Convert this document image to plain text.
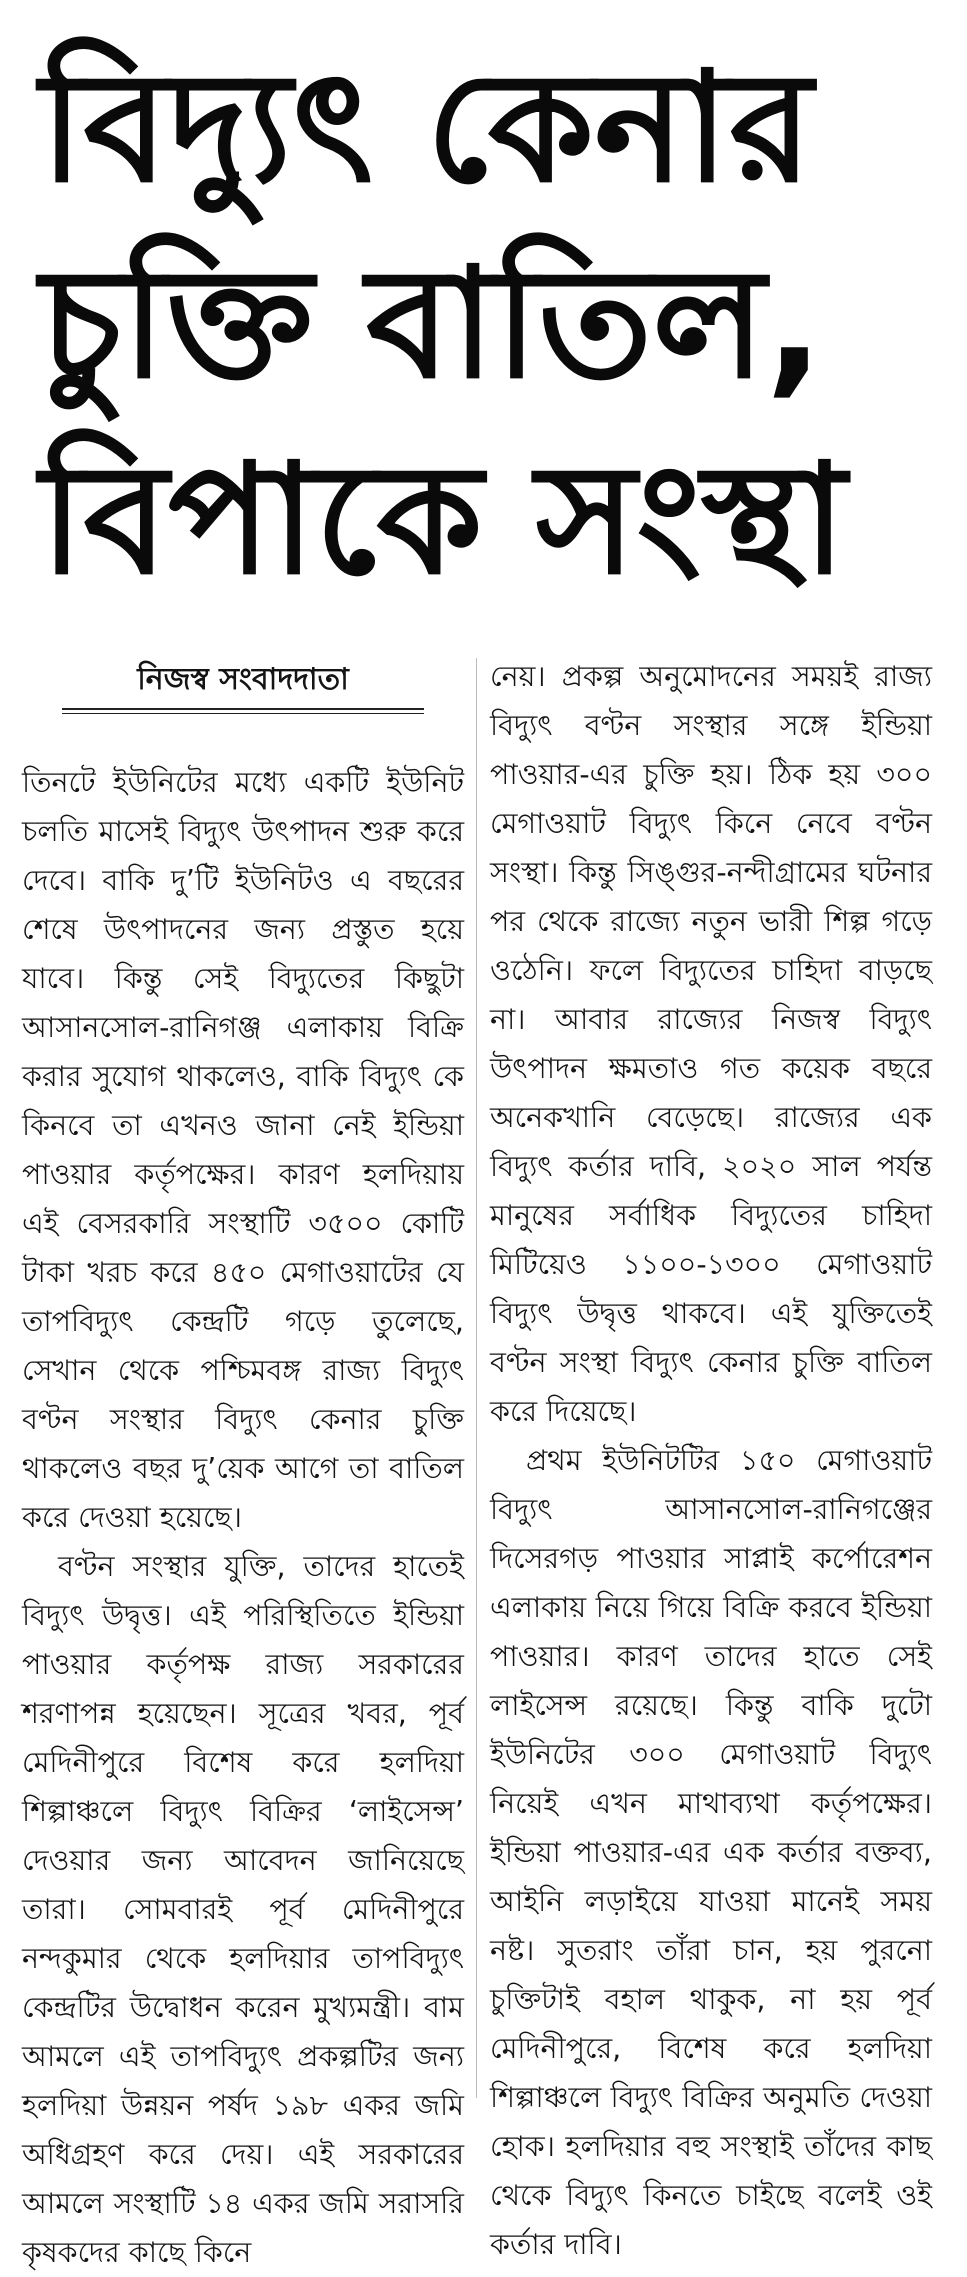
বিদ্যুৎ কেনার
চুক্তি বাতিল,
বিপাকে সংস্থা
নিজস্ব সংবাদদাতা

তিনটে ইউনিটের মধ্যে একটি ইউনিট চলতি মাসেই বিদ্যুৎ উৎপাদন শুরু করে দেবে। বাকি দু’টি ইউনিটও এ বছরের শেষে উৎপাদনের জন্য প্রস্তুত হয়ে যাবে। কিন্তু সেই বিদ্যুতের কিছুটা আসানসোল-রানিগঞ্জ এলাকায় বিক্রি করার সুযোগ থাকলেও, বাকি বিদ্যুৎ কে কিনবে তা এখনও জানা নেই ইন্ডিয়া পাওয়ার কর্তৃপক্ষের। কারণ হলদিয়ায় এই বেসরকারি সংস্থাটি ৩৫০০ কোটি টাকা খরচ করে ৪৫০ মেগাওয়াটের যে তাপবিদ্যুৎ কেন্দ্রটি গড়ে তুলেছে, সেখান থেকে পশ্চিমবঙ্গ রাজ্য বিদ্যুৎ বণ্টন সংস্থার বিদ্যুৎ কেনার চুক্তি থাকলেও বছর দু’য়েক আগে তা বাতিল করে দেওয়া হয়েছে।

বণ্টন সংস্থার যুক্তি, তাদের হাতেই বিদ্যুৎ উদ্বৃত্ত। এই পরিস্থিতিতে ইন্ডিয়া পাওয়ার কর্তৃপক্ষ রাজ্য সরকারের শরণাপন্ন হয়েছেন। সূত্রের খবর, পূর্ব মেদিনীপুরে বিশেষ করে হলদিয়া শিল্পাঞ্চলে বিদ্যুৎ বিক্রির ‘লাইসেন্স’ দেওয়ার জন্য আবেদন জানিয়েছে তারা। সোমবারই পূর্ব মেদিনীপুরে নন্দকুমার থেকে হলদিয়ার তাপবিদ্যুৎ কেন্দ্রটির উদ্বোধন করেন মুখ্যমন্ত্রী। বাম আমলে এই তাপবিদ্যুৎ প্রকল্পটির জন্য হলদিয়া উন্নয়ন পর্ষদ ১৯৮ একর জমি অধিগ্রহণ করে দেয়। এই সরকারের আমলে সংস্থাটি ১৪ একর জমি সরাসরি কৃষকদের কাছে কিনে

নেয়। প্রকল্প অনুমোদনের সময়ই রাজ্য বিদ্যুৎ বণ্টন সংস্থার সঙ্গে ইন্ডিয়া পাওয়ার-এর চুক্তি হয়। ঠিক হয় ৩০০ মেগাওয়াট বিদ্যুৎ কিনে নেবে বণ্টন সংস্থা। কিন্তু সিঙ্গুর-নন্দীগ্রামের ঘটনার পর থেকে রাজ্যে নতুন ভারী শিল্প গড়ে ওঠেনি। ফলে বিদ্যুতের চাহিদা বাড়ছে না। আবার রাজ্যের নিজস্ব বিদ্যুৎ উৎপাদন ক্ষমতাও গত কয়েক বছরে অনেকখানি বেড়েছে। রাজ্যের এক বিদ্যুৎ কর্তার দাবি, ২০২০ সাল পর্যন্ত মানুষের সর্বাধিক বিদ্যুতের চাহিদা মিটিয়েও ১১০০-১৩০০ মেগাওয়াট বিদ্যুৎ উদ্বৃত্ত থাকবে। এই যুক্তিতেই বণ্টন সংস্থা বিদ্যুৎ কেনার চুক্তি বাতিল করে দিয়েছে।

প্রথম ইউনিটটির ১৫০ মেগাওয়াট বিদ্যুৎ আসানসোল-রানিগঞ্জের দিসেরগড় পাওয়ার সাপ্লাই কর্পোরেশন এলাকায় নিয়ে গিয়ে বিক্রি করবে ইন্ডিয়া পাওয়ার। কারণ তাদের হাতে সেই লাইসেন্স রয়েছে। কিন্তু বাকি দুটো ইউনিটের ৩০০ মেগাওয়াট বিদ্যুৎ নিয়েই এখন মাথাব্যথা কর্তৃপক্ষের। ইন্ডিয়া পাওয়ার-এর এক কর্তার বক্তব্য, আইনি লড়াইয়ে যাওয়া মানেই সময় নষ্ট। সুতরাং তাঁরা চান, হয় পুরনো চুক্তিটাই বহাল থাকুক, না হয় পূর্ব মেদিনীপুরে, বিশেষ করে হলদিয়া শিল্পাঞ্চলে বিদ্যুৎ বিক্রির অনুমতি দেওয়া হোক। হলদিয়ার বহু সংস্থাই তাঁদের কাছ থেকে বিদ্যুৎ কিনতে চাইছে বলেই ওই কর্তার দাবি।
